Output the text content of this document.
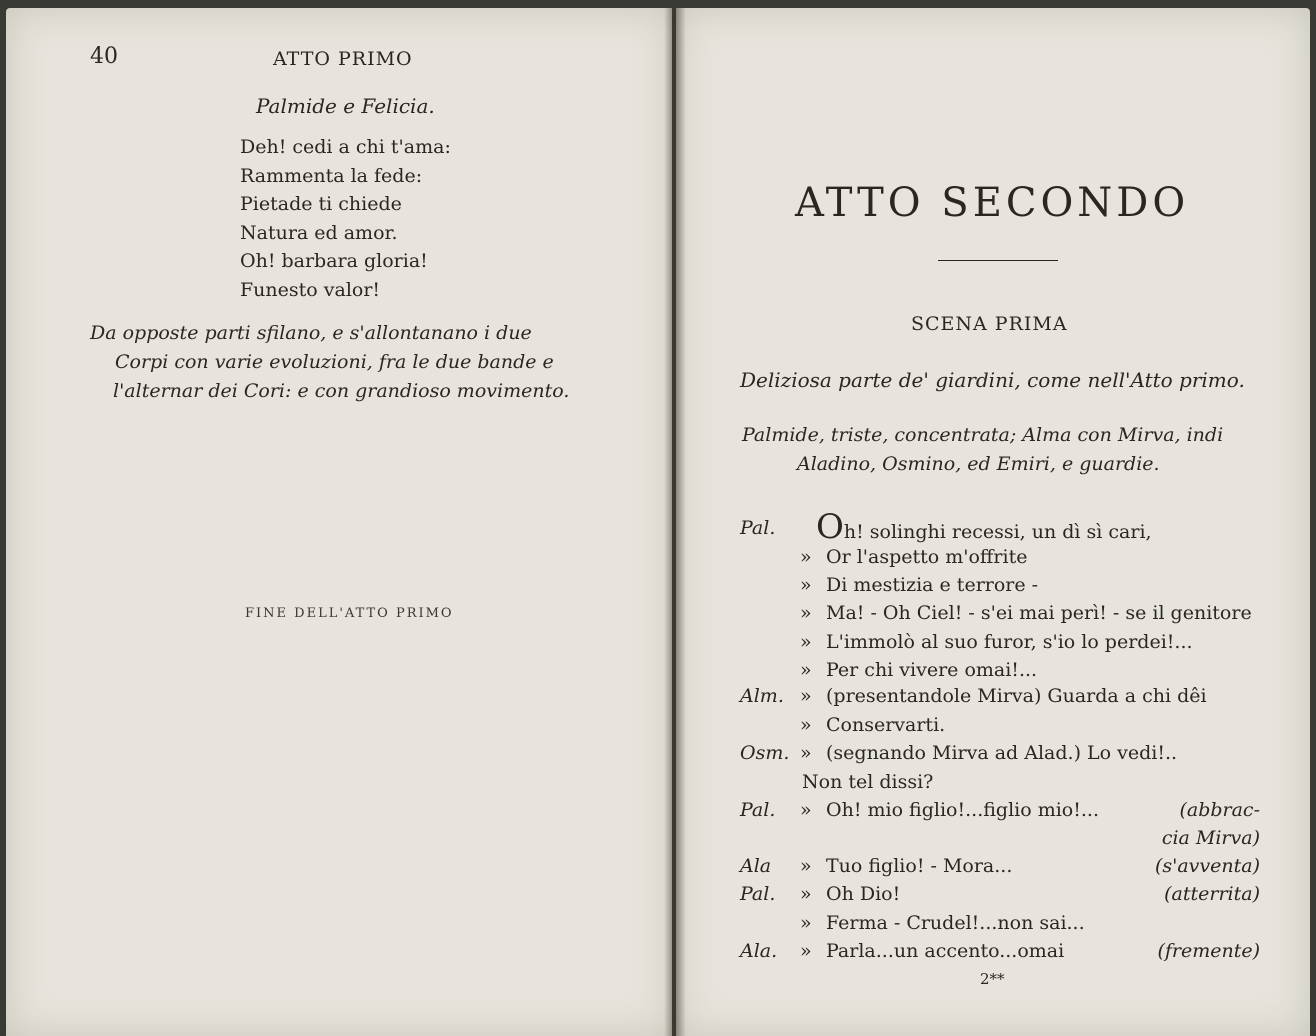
40	ATTO PRIMO
Palmide e Felicia.
Deh! cedi a chi t'ama:
Rammenta la fede:
Pietade ti chiede
Natura ed amor.
Oh! barbara gloria!
Funesto valor!
Da opposte parti sfilano, e s'allontanano i due
Corpi con varie evoluzioni, fra le due bande e
l'alternar dei Cori: e con grandioso movimento.
FINE DELL'ATTO PRIMO
ATTO SECONDO
SCENA PRIMA
Deliziosa parte de' giardini, come nell'Atto primo.
Palmide, triste, concentrata; Alma con Mirva, indi
Aladino, Osmino, ed Emiri, e guardie.
Pal. Oh! solinghi recessi, un dì sì cari,
» Or l'aspetto m'offrite
» Di mestizia e terrore -
» Ma! - Oh Ciel! - s'ei mai perì! - se il genitore
» L'immolò al suo furor, s'io lo perdei!...
» Per chi vivere omai!...
Alm. » (presentandole Mirva) Guarda a chi dêi
» Conservarti.
Osm. » (segnando Mirva ad Alad.) Lo vedi!..
Non tel dissi?
Pal. » Oh! mio figlio!...figlio mio!...	(abbrac-
cia Mirva)
Ala » Tuo figlio! - Mora...	(s'avventa)
Pal. » Oh Dio!	(atterrita)
» Ferma - Crudel!...non sai...
Ala. » Parla...un accento...omai	(fremente)
2**
